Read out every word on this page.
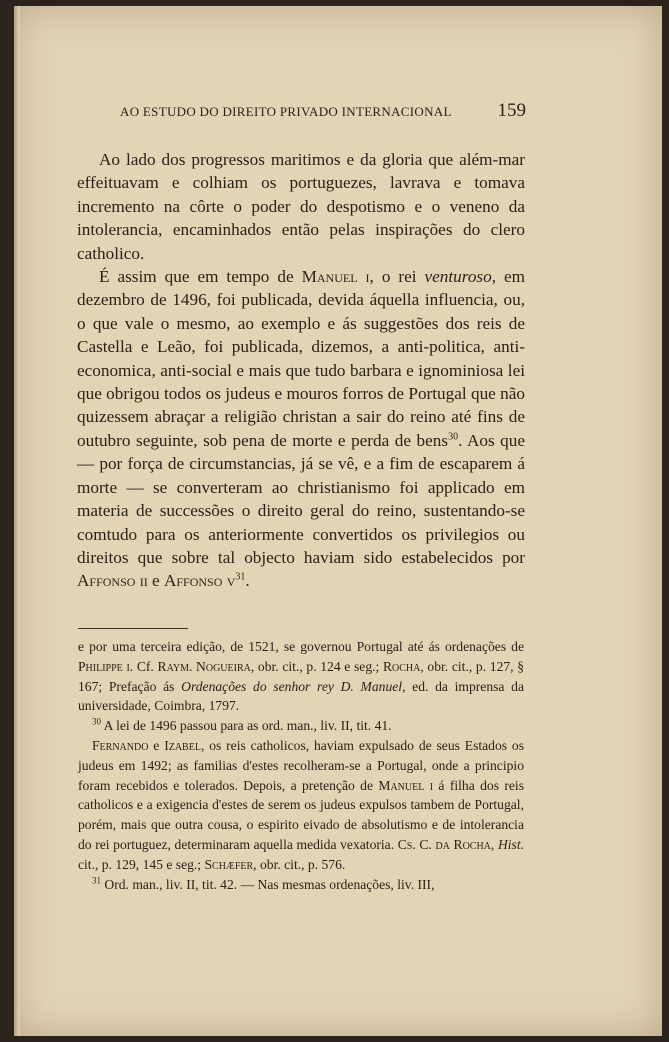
AO ESTUDO DO DIREITO PRIVADO INTERNACIONAL 159

Ao lado dos progressos maritimos e da gloria que além-mar effeituavam e colhiam os portuguezes, lavrava e tomava incremento na côrte o poder do despotismo e o veneno da intolerancia, encaminhados então pelas inspirações do clero catholico.

É assim que em tempo de Manuel i, o rei venturoso, em dezembro de 1496, foi publicada, devida áquella influencia, ou, o que vale o mesmo, ao exemplo e ás suggestões dos reis de Castella e Leão, foi publicada, dizemos, a anti-politica, anti-economica, anti-social e mais que tudo barbara e ignominiosa lei que obrigou todos os judeus e mouros forros de Portugal que não quizessem abraçar a religião christan a sair do reino até fins de outubro seguinte, sob pena de morte e perda de bens$^{30}$. Aos que — por força de circumstancias, já se vê, e a fim de escaparem á morte — se converteram ao christianismo foi applicado em materia de successões o direito geral do reino, sustentando-se comtudo para os anteriormente convertidos os privilegios ou direitos que sobre tal objecto haviam sido estabelecidos por Affonso ii e Affonso $v^{31}$.

e por uma terceira edição, de 1521, se governou Portugal até ás ordenações de Philippe i. Cf. Raym. Nogueira, obr. cit., p. 124 e seg.; Rocha, obr. cit., p. 127, § 167; Prefação ás Ordenações do senhor rey D. Manuel, ed. da imprensa da universidade, Coimbra, 1797.

$^{30}$ A lei de 1496 passou para as ord. man., liv. II, tit. 41.

Fernando e Izabel, os reis catholicos, haviam expulsado de seus Estados os judeus em 1492; as familias d'estes recolheram-se a Portugal, onde a principio foram recebidos e tolerados. Depois, a pretenção de Manuel i á filha dos reis catholicos e a exigencia d'estes de serem os judeus expulsos tambem de Portugal, porém, mais que outra cousa, o espirito eivado de absolutismo e de intolerancia do rei portuguez, determinaram aquella medida vexatoria. Cs. C. da Rocha, Hist. cit., p. 129, 145 e seg.; Schæfer, obr. cit., p. 576.

$^{31}$ Ord. man., liv. II, tit. 42. — Nas mesmas ordenações, liv. III,
